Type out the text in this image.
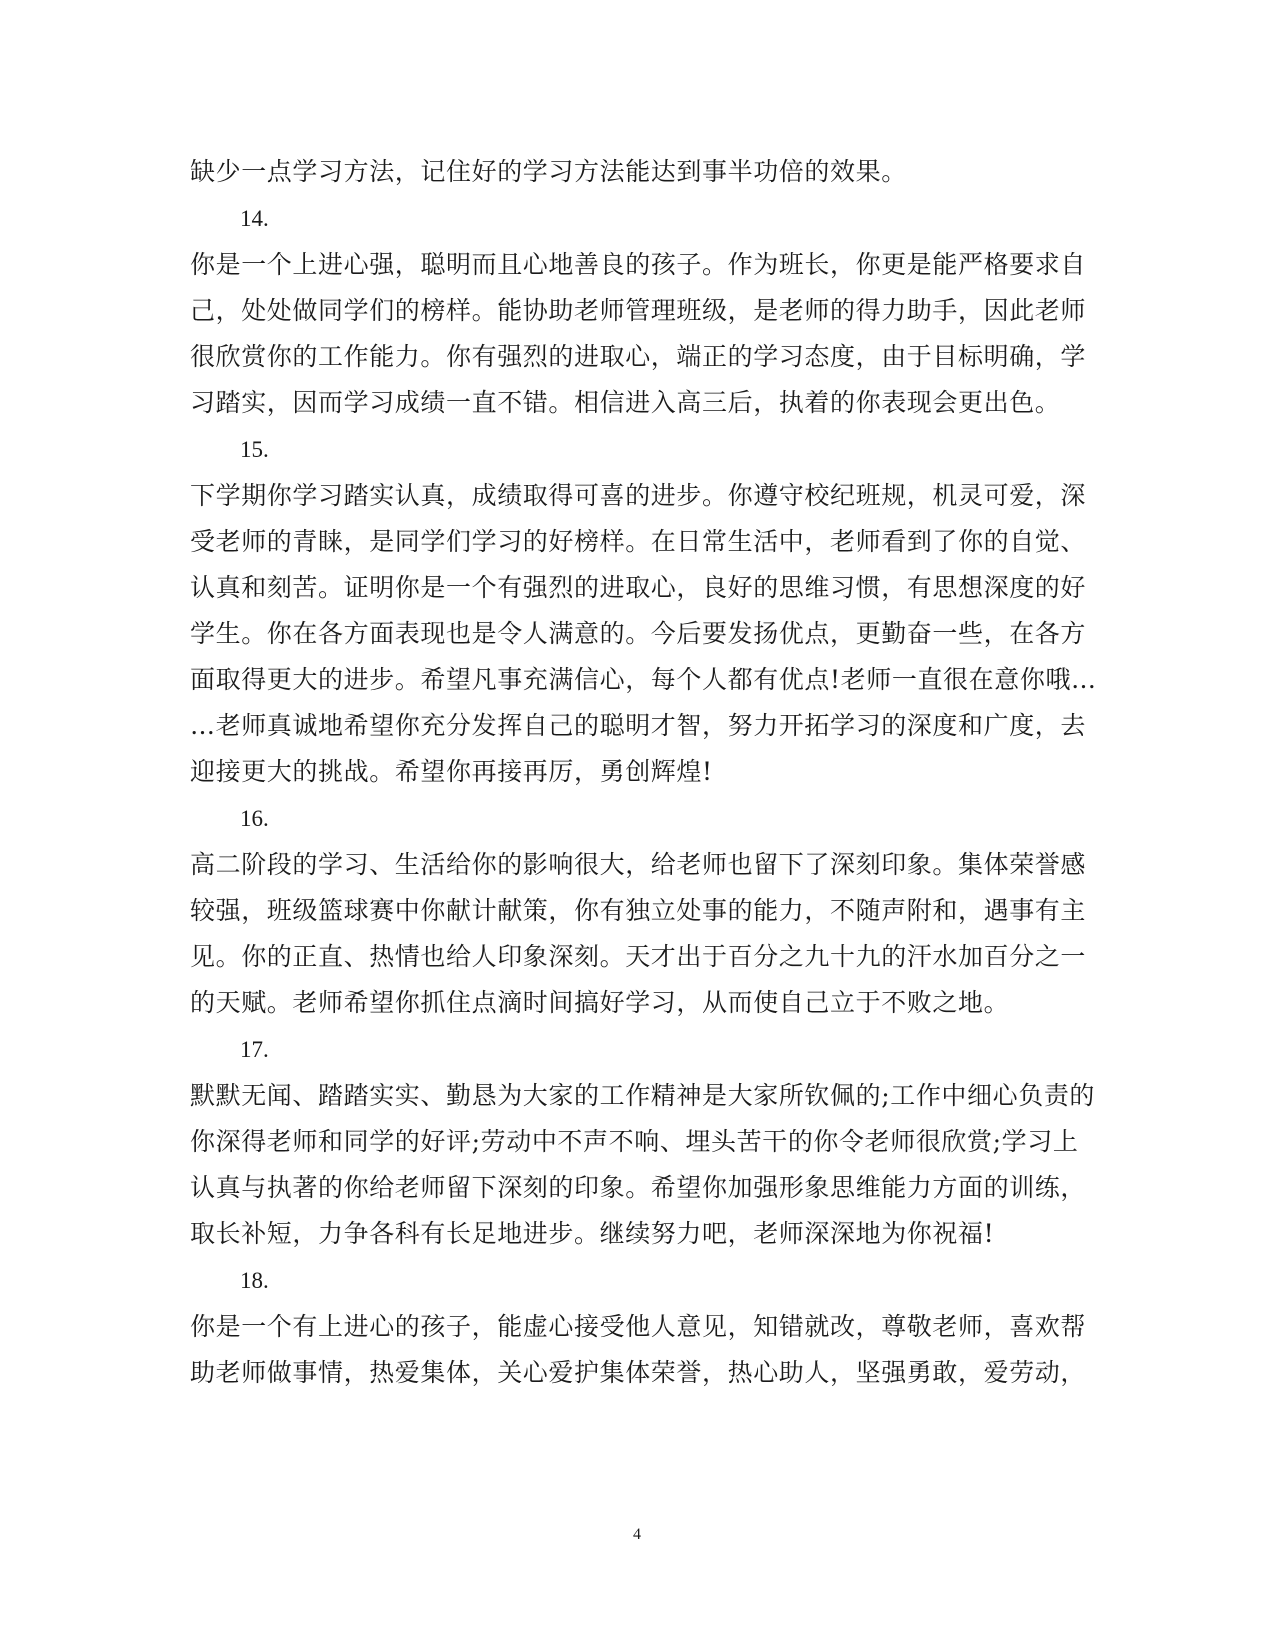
缺少一点学习方法，记住好的学习方法能达到事半功倍的效果。
14.
你是一个上进心强，聪明而且心地善良的孩子。作为班长，你更是能严格要求自
己，处处做同学们的榜样。能协助老师管理班级，是老师的得力助手，因此老师
很欣赏你的工作能力。你有强烈的进取心，端正的学习态度，由于目标明确，学
习踏实，因而学习成绩一直不错。相信进入高三后，执着的你表现会更出色。
15.
下学期你学习踏实认真，成绩取得可喜的进步。你遵守校纪班规，机灵可爱，深
受老师的青睐，是同学们学习的好榜样。在日常生活中，老师看到了你的自觉、
认真和刻苦。证明你是一个有强烈的进取心，良好的思维习惯，有思想深度的好
学生。你在各方面表现也是令人满意的。今后要发扬优点，更勤奋一些，在各方
面取得更大的进步。希望凡事充满信心，每个人都有优点!老师一直很在意你哦…
…老师真诚地希望你充分发挥自己的聪明才智，努力开拓学习的深度和广度，去
迎接更大的挑战。希望你再接再厉，勇创辉煌!
16.
高二阶段的学习、生活给你的影响很大，给老师也留下了深刻印象。集体荣誉感
较强，班级篮球赛中你献计献策，你有独立处事的能力，不随声附和，遇事有主
见。你的正直、热情也给人印象深刻。天才出于百分之九十九的汗水加百分之一
的天赋。老师希望你抓住点滴时间搞好学习，从而使自己立于不败之地。
17.
默默无闻、踏踏实实、勤恳为大家的工作精神是大家所钦佩的;工作中细心负责的
你深得老师和同学的好评;劳动中不声不响、埋头苦干的你令老师很欣赏;学习上
认真与执著的你给老师留下深刻的印象。希望你加强形象思维能力方面的训练，
取长补短，力争各科有长足地进步。继续努力吧，老师深深地为你祝福!
18.
你是一个有上进心的孩子，能虚心接受他人意见，知错就改，尊敬老师，喜欢帮
助老师做事情，热爱集体，关心爱护集体荣誉，热心助人，坚强勇敢，爱劳动，
4
